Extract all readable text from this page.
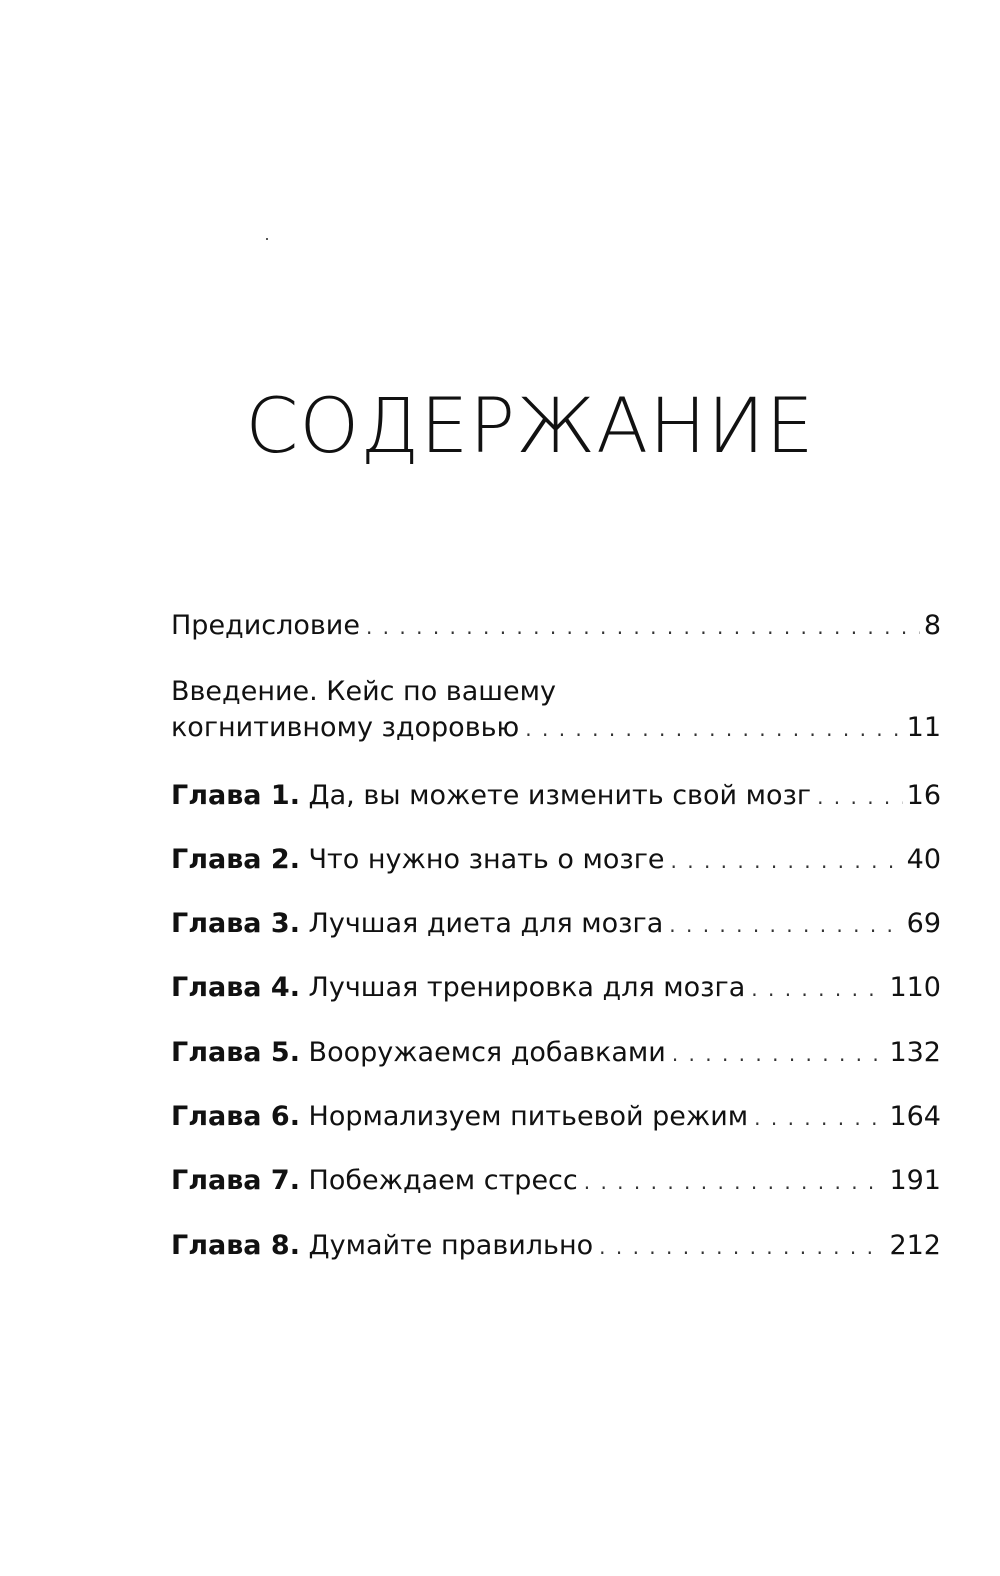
СОДЕРЖАНИЕ
Предисловие . . .	8
Введение. Кейс по вашему
когнитивному здоровью . . .	11
Глава 1. Да, вы можете изменить свой мозг . . .	16
Глава 2. Что нужно знать о мозге . . .	40
Глава 3. Лучшая диета для мозга . . .	69
Глава 4. Лучшая тренировка для мозга . . .	110
Глава 5. Вооружаемся добавками . . .	132
Глава 6. Нормализуем питьевой режим . . .	164
Глава 7. Побеждаем стресс . . .	191
Глава 8. Думайте правильно . . .	212
